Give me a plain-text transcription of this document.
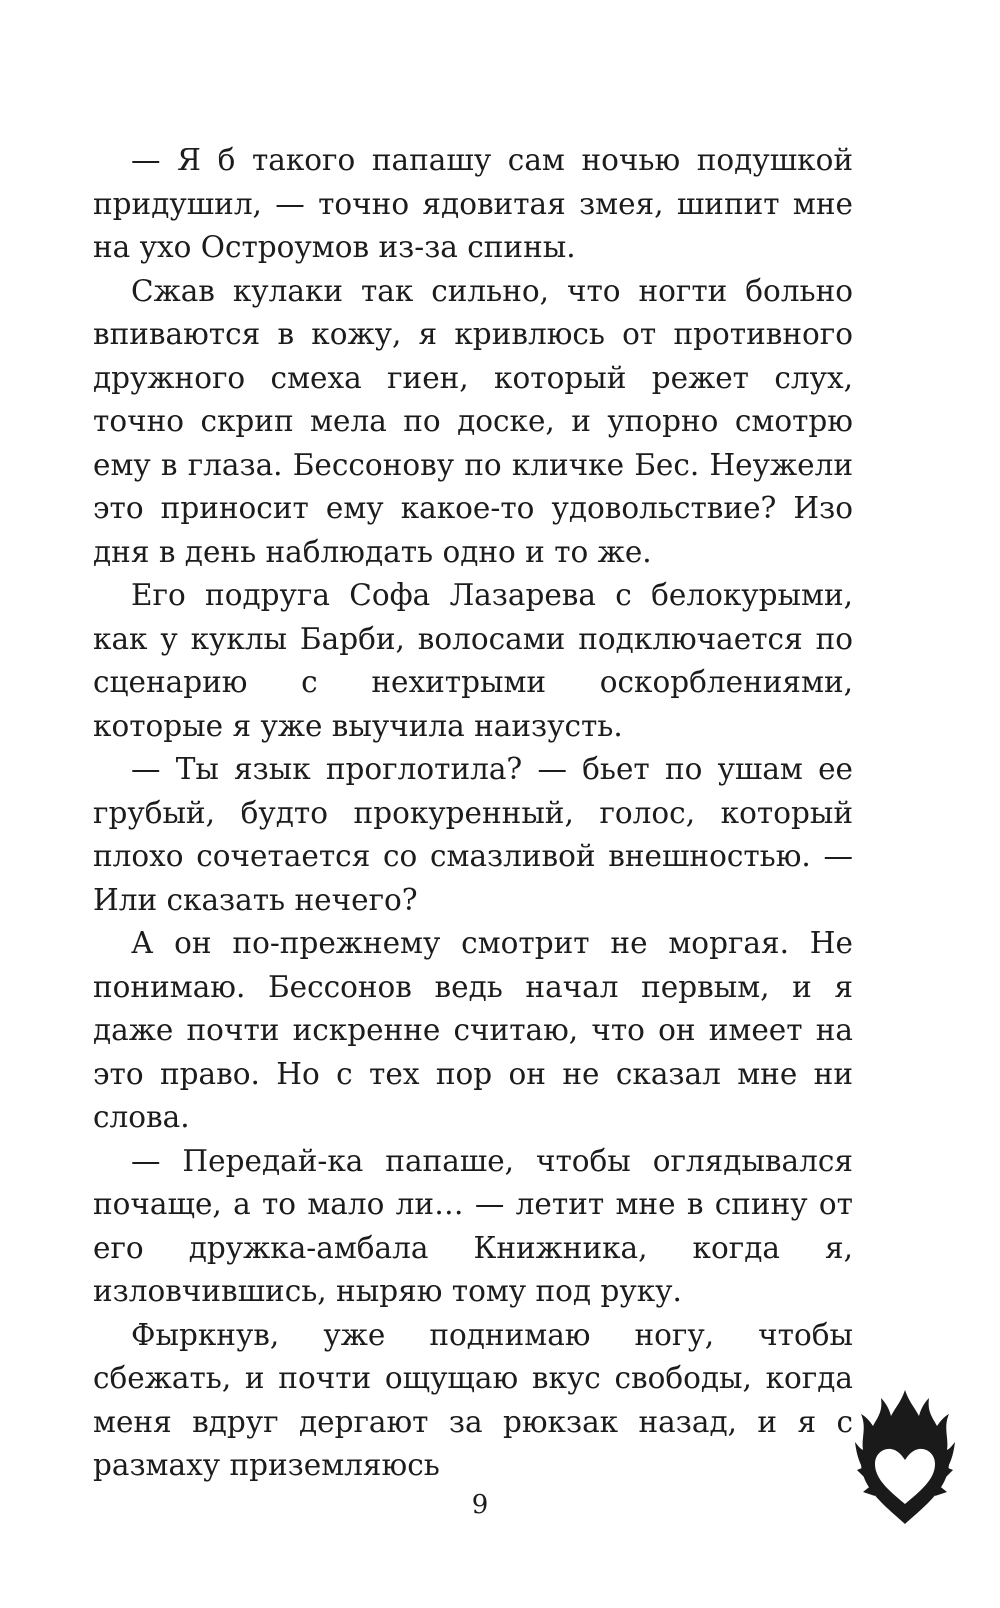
— Я б такого папашу сам ночью подушкой придушил, — точно ядовитая змея, шипит мне на ухо Остроумов из-за спины.

Сжав кулаки так сильно, что ногти больно впиваются в кожу, я кривлюсь от противного дружного смеха гиен, который режет слух, точно скрип мела по доске, и упорно смотрю ему в глаза. Бессонову по кличке Бес. Неужели это приносит ему какое-то удовольствие? Изо дня в день наблюдать одно и то же.

Его подруга Софа Лазарева с белокурыми, как у куклы Барби, волосами подключается по сценарию с нехитрыми оскорблениями, которые я уже выучила наизусть.

— Ты язык проглотила? — бьет по ушам ее грубый, будто прокуренный, голос, который плохо сочетается со смазливой внешностью. — Или сказать нечего?

А он по-прежнему смотрит не моргая. Не понимаю. Бессонов ведь начал первым, и я даже почти искренне считаю, что он имеет на это право. Но с тех пор он не сказал мне ни слова.

— Передай-ка папаше, чтобы оглядывался почаще, а то мало ли… — летит мне в спину от его дружка-амбала Книжника, когда я, изловчившись, ныряю тому под руку.

Фыркнув, уже поднимаю ногу, чтобы сбежать, и почти ощущаю вкус свободы, когда меня вдруг дергают за рюкзак назад, и я с размаху приземляюсь

9
